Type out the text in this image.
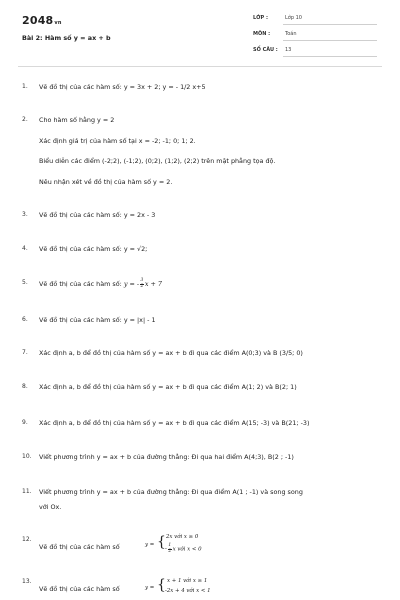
2048vn
Bài 2: Hàm số y = ax + b
LỚP :	Lớp 10
MÔN :	Toán
SỐ CÂU : 13
1. Vẽ đồ thị của các hàm số: y = 3x + 2; y = - 1/2 x+5
2. Cho hàm số hằng y = 2
Xác định giá trị của hàm số tại x = -2; -1; 0; 1; 2.
Biểu diễn các điểm (-2;2), (-1;2), (0;2), (1;2), (2;2) trên mặt phẳng tọa độ.
Nêu nhận xét về đồ thị của hàm số y = 2.
3. Vẽ đồ thị của các hàm số: y = 2x - 3
4. Vẽ đồ thị của các hàm số: y = √2;
5. Vẽ đồ thị của các hàm số: y = - $\frac{3}{2}$ x + 7
6. Vẽ đồ thị của các hàm số: y = |x| - 1
7. Xác định a, b để đồ thị của hàm số y = ax + b đi qua các điểm A(0;3) và B (3/5; 0)
8. Xác định a, b để đồ thị của hàm số y = ax + b đi qua các điểm A(1; 2) và B(2; 1)
9. Xác định a, b để đồ thị của hàm số y = ax + b đi qua các điểm A(15; -3) và B(21; -3)
10. Viết phương trình y = ax + b của đường thẳng: Đi qua hai điểm A(4;3), B(2 ; -1)
11. Viết phương trình y = ax + b của đường thẳng: Đi qua điểm A(1 ; -1) và song song
với Ox.
12.
Vẽ đồ thị của các hàm số	y = { 2x với x ≥ 0
- $\frac{1}{2}$ x với x < 0
13.
Vẽ đồ thị của các hàm số	y = { x + 1 với x ≥ 1
-2x + 4 với x < 1
